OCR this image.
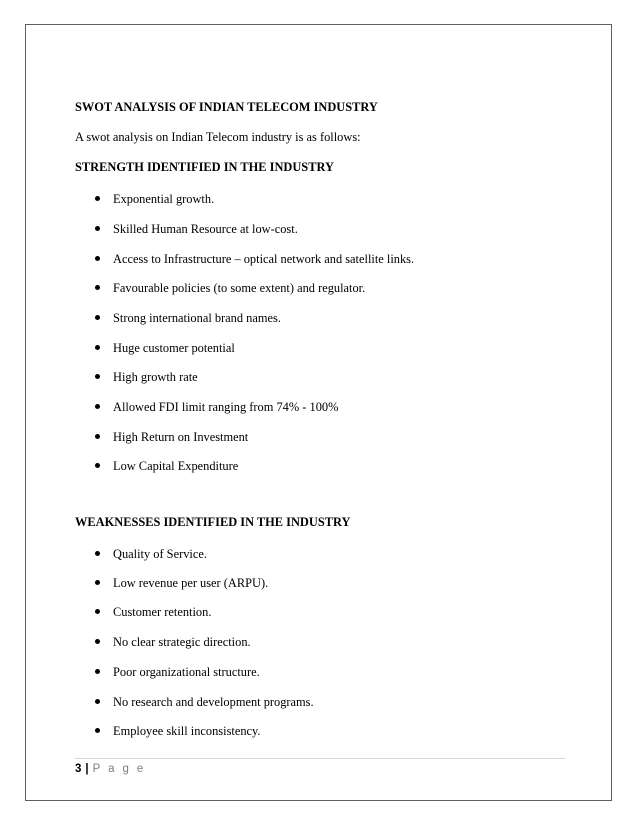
SWOT ANALYSIS OF INDIAN TELECOM INDUSTRY
A swot analysis on Indian Telecom industry is as follows:
STRENGTH IDENTIFIED IN THE INDUSTRY
Exponential growth.
Skilled Human Resource at low-cost.
Access to Infrastructure – optical network and satellite links.
Favourable policies (to some extent) and regulator.
Strong international brand names.
Huge customer potential
High growth rate
Allowed FDI limit ranging from 74% - 100%
High Return on Investment
Low Capital Expenditure
WEAKNESSES IDENTIFIED IN THE INDUSTRY
Quality of Service.
Low revenue per user (ARPU).
Customer retention.
No clear strategic direction.
Poor organizational structure.
No research and development programs.
Employee skill inconsistency.
3 | P a g e
